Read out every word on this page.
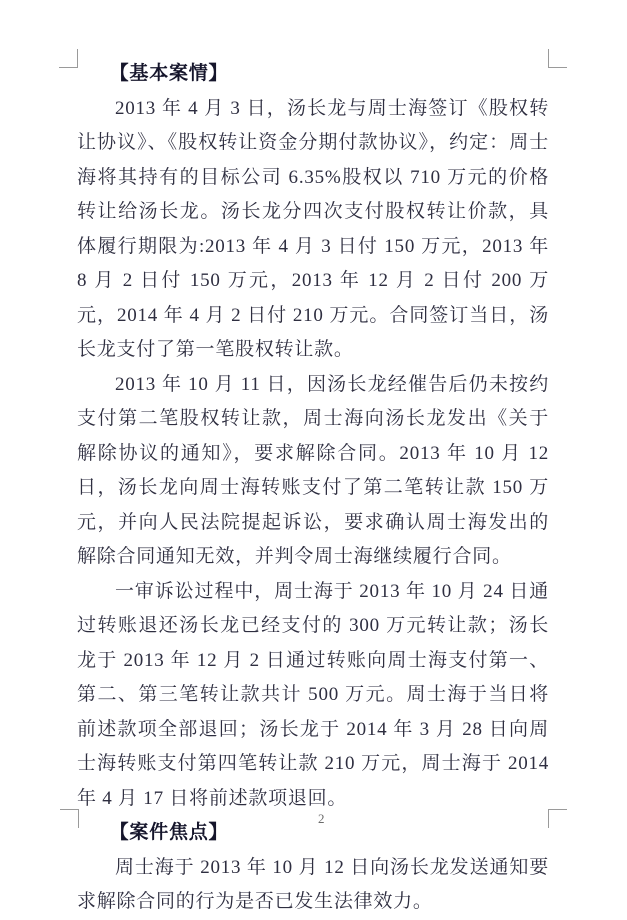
【基本案情】

2013 年 4 月 3 日，汤长龙与周士海签订《股权转让协议》、《股权转让资金分期付款协议》，约定：周士海将其持有的目标公司 6.35%股权以 710 万元的价格转让给汤长龙。汤长龙分四次支付股权转让价款，具体履行期限为:2013 年 4 月 3 日付 150 万元，2013 年 8 月 2 日付 150 万元，2013 年 12 月 2 日付 200 万元，2014 年 4 月 2 日付 210 万元。合同签订当日，汤长龙支付了第一笔股权转让款。

2013 年 10 月 11 日，因汤长龙经催告后仍未按约支付第二笔股权转让款，周士海向汤长龙发出《关于解除协议的通知》，要求解除合同。2013 年 10 月 12 日，汤长龙向周士海转账支付了第二笔转让款 150 万元，并向人民法院提起诉讼，要求确认周士海发出的解除合同通知无效，并判令周士海继续履行合同。

一审诉讼过程中，周士海于 2013 年 10 月 24 日通过转账退还汤长龙已经支付的 300 万元转让款；汤长龙于 2013 年 12 月 2 日通过转账向周士海支付第一、第二、第三笔转让款共计 500 万元。周士海于当日将前述款项全部退回；汤长龙于 2014 年 3 月 28 日向周士海转账支付第四笔转让款 210 万元，周士海于 2014 年 4 月 17 日将前述款项退回。

【案件焦点】

周士海于 2013 年 10 月 12 日向汤长龙发送通知要求解除合同的行为是否已发生法律效力。

2
